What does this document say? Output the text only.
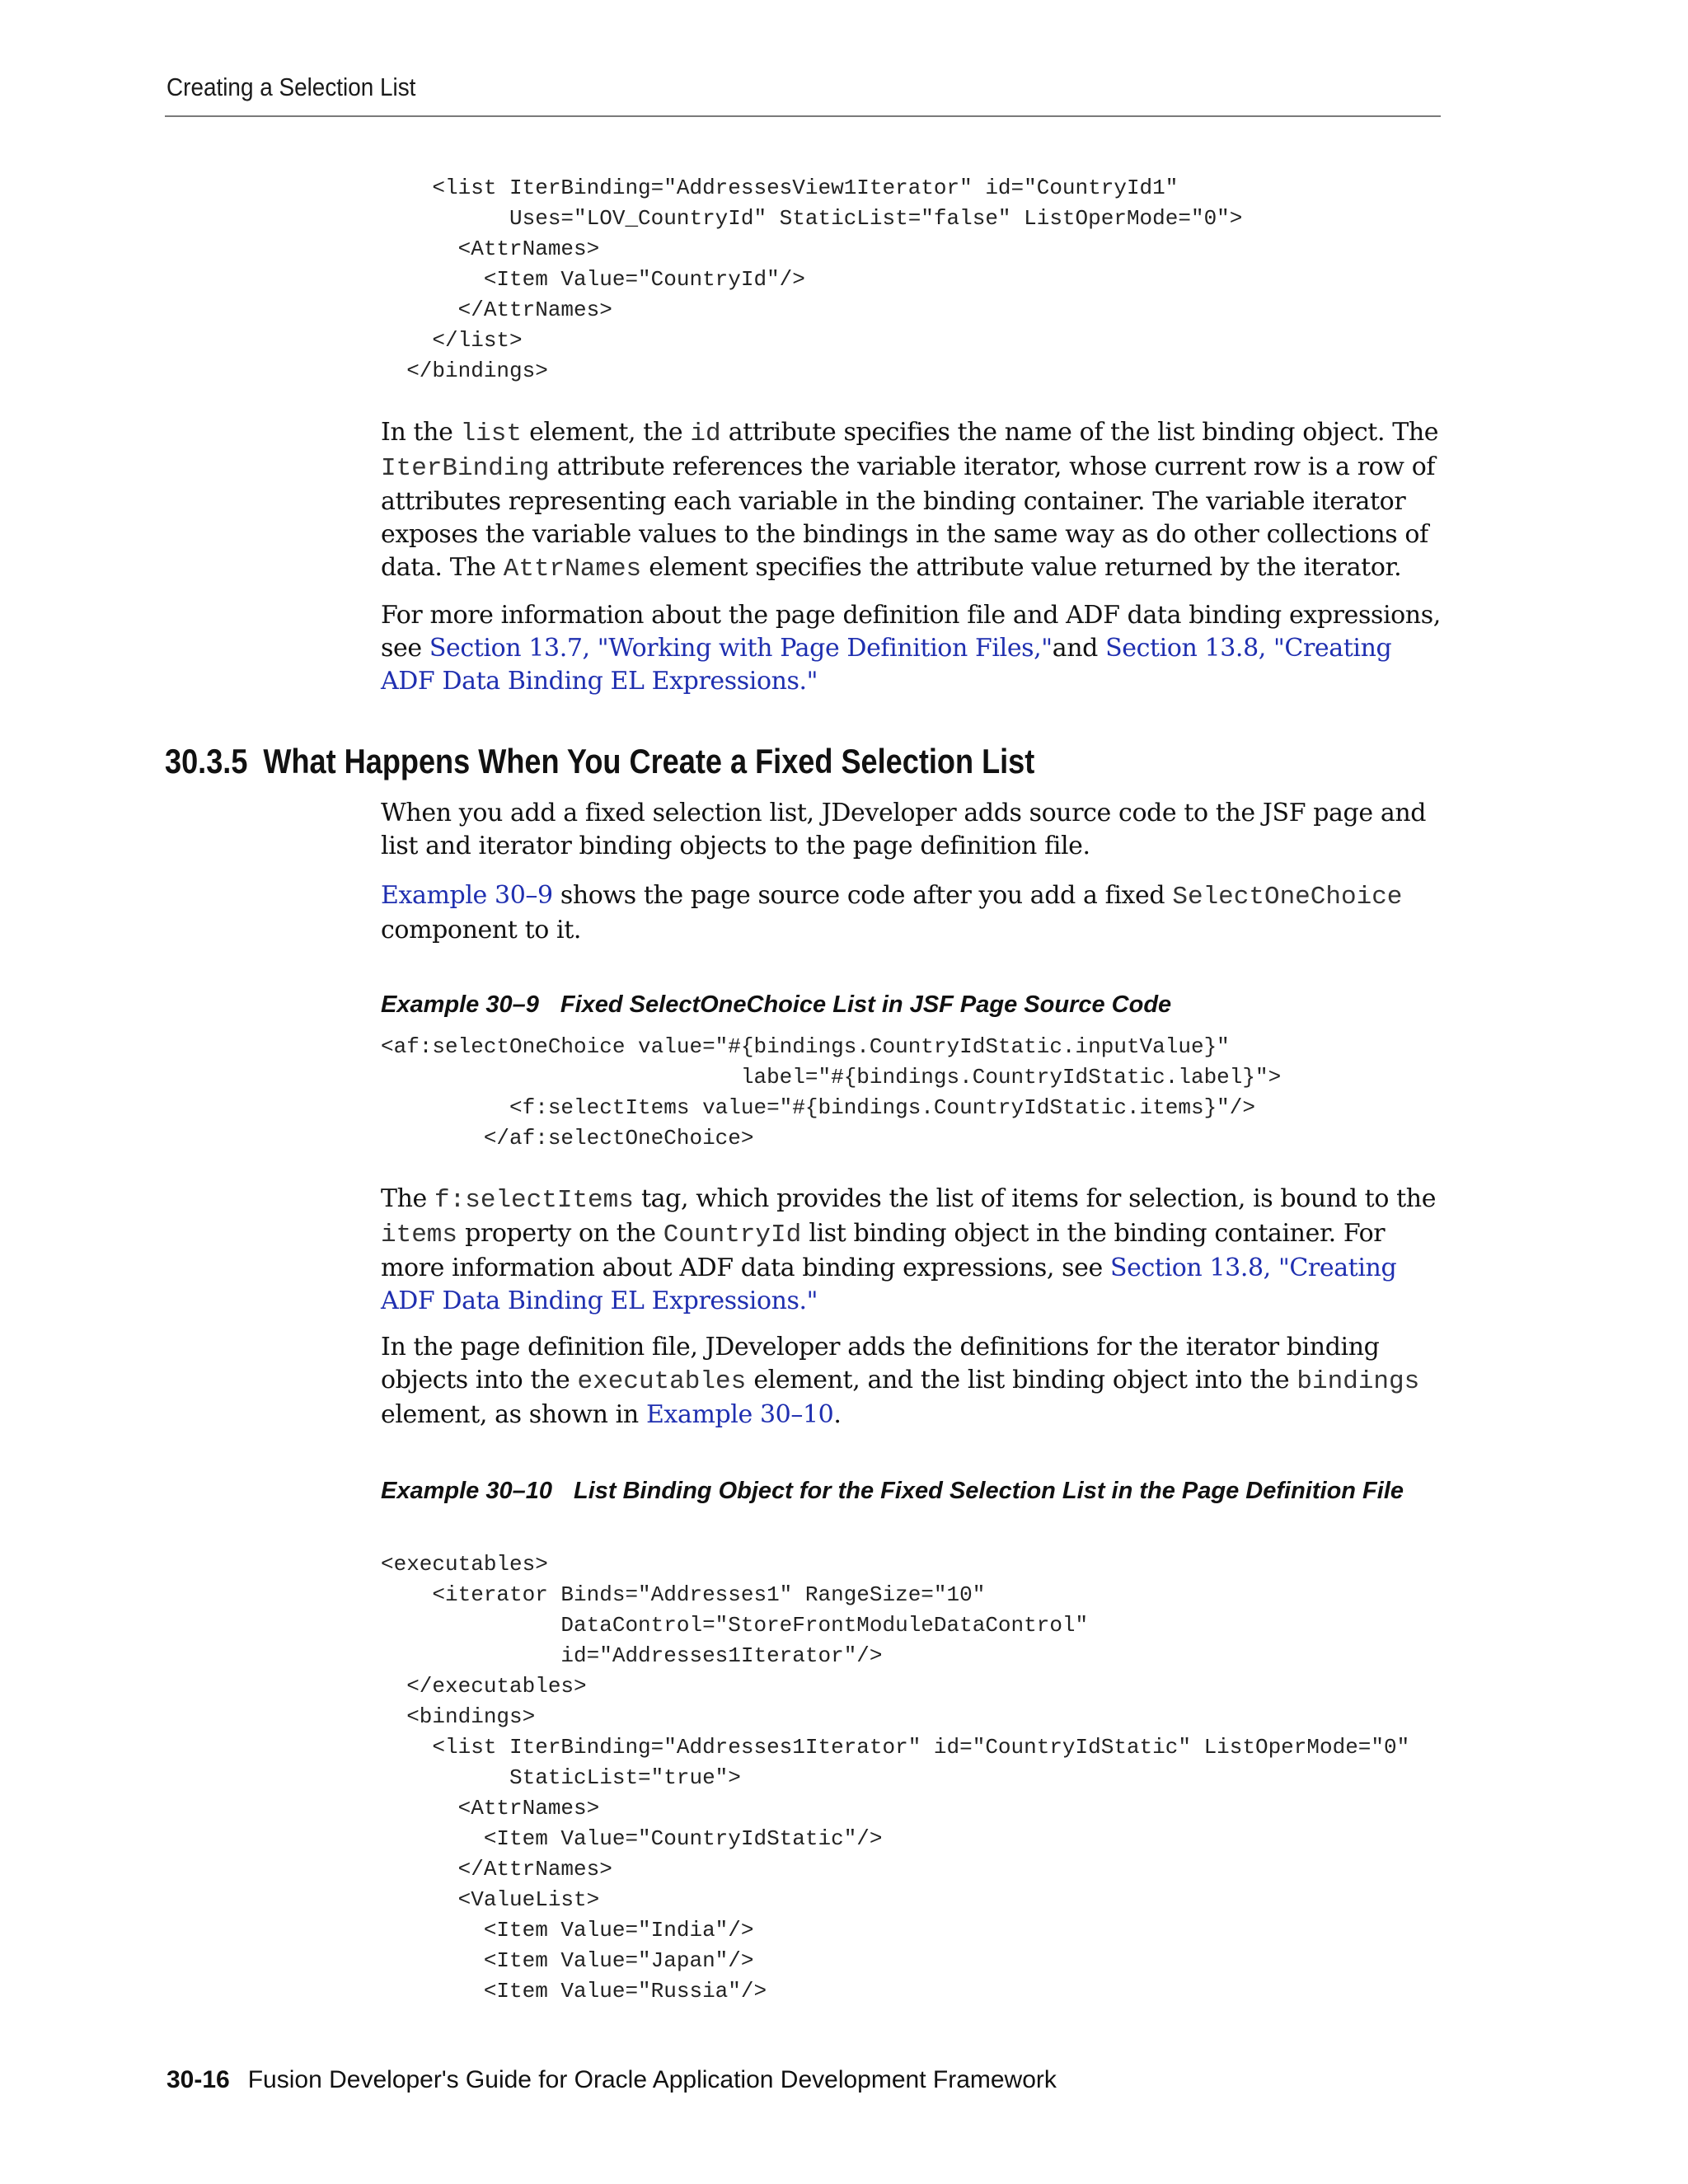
Creating a Selection List
<list IterBinding="AddressesView1Iterator" id="CountryId1"
Uses="LOV_CountryId" StaticList="false" ListOperMode="0">
<AttrNames>
<Item Value="CountryId"/>
</AttrNames>
</list>
</bindings>

In the list element, the id attribute specifies the name of the list binding object. The IterBinding attribute references the variable iterator, whose current row is a row of attributes representing each variable in the binding container. The variable iterator exposes the variable values to the bindings in the same way as do other collections of data. The AttrNames element specifies the attribute value returned by the iterator.

For more information about the page definition file and ADF data binding expressions, see Section 13.7, "Working with Page Definition Files,"and Section 13.8, "Creating ADF Data Binding EL Expressions."

30.3.5 What Happens When You Create a Fixed Selection List

When you add a fixed selection list, JDeveloper adds source code to the JSF page and list and iterator binding objects to the page definition file.

Example 30–9 shows the page source code after you add a fixed SelectOneChoice component to it.

Example 30–9 Fixed SelectOneChoice List in JSF Page Source Code

<af:selectOneChoice value="#{bindings.CountryIdStatic.inputValue}"
label="#{bindings.CountryIdStatic.label}">
<f:selectItems value="#{bindings.CountryIdStatic.items}"/>
</af:selectOneChoice>

The f:selectItems tag, which provides the list of items for selection, is bound to the items property on the CountryId list binding object in the binding container. For more information about ADF data binding expressions, see Section 13.8, "Creating ADF Data Binding EL Expressions."

In the page definition file, JDeveloper adds the definitions for the iterator binding objects into the executables element, and the list binding object into the bindings element, as shown in Example 30–10.

Example 30–10 List Binding Object for the Fixed Selection List in the Page Definition File

<executables>
<iterator Binds="Addresses1" RangeSize="10"
DataControl="StoreFrontModuleDataControl"
id="Addresses1Iterator"/>
</executables>
<bindings>
<list IterBinding="Addresses1Iterator" id="CountryIdStatic" ListOperMode="0"
StaticList="true">
<AttrNames>
<Item Value="CountryIdStatic"/>
</AttrNames>
<ValueList>
<Item Value="India"/>
<Item Value="Japan"/>
<Item Value="Russia"/>
30-16 Fusion Developer's Guide for Oracle Application Development Framework
